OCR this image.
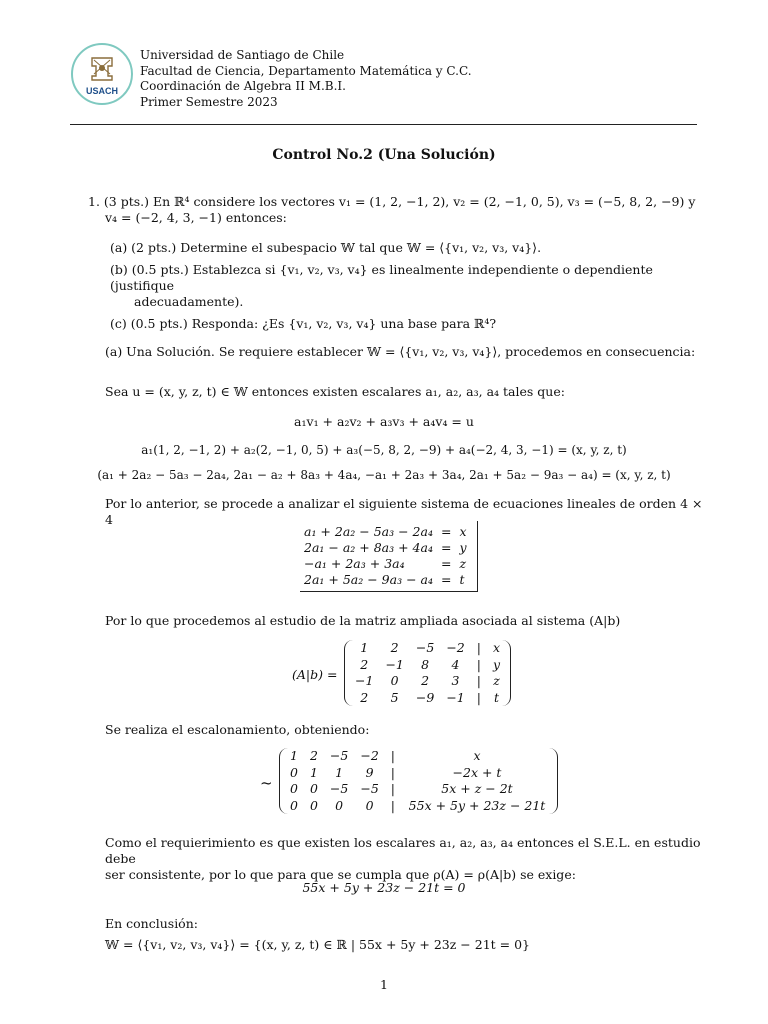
USACH
Universidad de Santiago de Chile
Facultad de Ciencia, Departamento Matemática y C.C.
Coordinación de Algebra II M.B.I.
Primer Semestre 2023
Control No.2 (Una Solución)
1. (3 pts.) En ℝ⁴ considere los vectores v₁ = (1, 2, −1, 2), v₂ = (2, −1, 0, 5), v₃ = (−5, 8, 2, −9) y
v₄ = (−2, 4, 3, −1) entonces:
(a) (2 pts.) Determine el subespacio 𝕎 tal que 𝕎 = ⟨{v₁, v₂, v₃, v₄}⟩.
(b) (0.5 pts.) Establezca si {v₁, v₂, v₃, v₄} es linealmente independiente o dependiente (justifique
adecuadamente).
(c) (0.5 pts.) Responda: ¿Es {v₁, v₂, v₃, v₄} una base para ℝ⁴?
(a) Una Solución. Se requiere establecer 𝕎 = ⟨{v₁, v₂, v₃, v₄}⟩, procedemos en consecuencia:
Sea u = (x, y, z, t) ∈ 𝕎 entonces existen escalares a₁, a₂, a₃, a₄ tales que:
a₁v₁ + a₂v₂ + a₃v₃ + a₄v₄ = u
a₁(1, 2, −1, 2) + a₂(2, −1, 0, 5) + a₃(−5, 8, 2, −9) + a₄(−2, 4, 3, −1) = (x, y, z, t)
(a₁ + 2a₂ − 5a₃ − 2a₄, 2a₁ − a₂ + 8a₃ + 4a₄, −a₁ + 2a₃ + 3a₄, 2a₁ + 5a₂ − 9a₃ − a₄) = (x, y, z, t)
Por lo anterior, se procede a analizar el siguiente sistema de ecuaciones lineales de orden 4 × 4
a₁ + 2a₂ − 5a₃ − 2a₄	=	x
2a₁ − a₂ + 8a₃ + 4a₄	=	y
−a₁ + 2a₃ + 3a₄	=	z
2a₁ + 5a₂ − 9a₃ − a₄	=	t
Por lo que procedemos al estudio de la matriz ampliada asociada al sistema (A|b)
(A|b) =
1	2	−5	−2	|	x
2	−1	8	4	|	y
−1	0	2	3	|	z
2	5	−9	−1	|	t
Se realiza el escalonamiento, obteniendo:
~
1	2	−5	−2	|	x
0	1	1	9	|	−2x + t
0	0	−5	−5	|	5x + z − 2t
0	0	0	0	|	55x + 5y + 23z − 21t
Como el requierimiento es que existen los escalares a₁, a₂, a₃, a₄ entonces el S.E.L. en estudio debe
ser consistente, por lo que para que se cumpla que ρ(A) = ρ(A|b) se exige:
55x + 5y + 23z − 21t = 0
En conclusión:
𝕎 = ⟨{v₁, v₂, v₃, v₄}⟩ = {(x, y, z, t) ∈ ℝ | 55x + 5y + 23z − 21t = 0}
1
